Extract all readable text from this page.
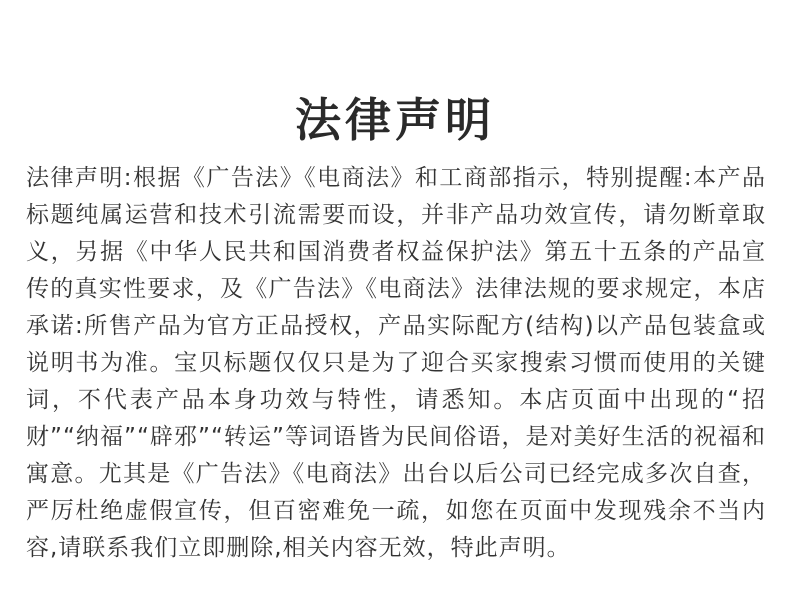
法律声明

法律声明:根据《广告法》《电商法》和工商部指示，特别提醒:本产品标题纯属运营和技术引流需要而设，并非产品功效宣传，请勿断章取义，另据《中华人民共和国消费者权益保护法》第五十五条的产品宣传的真实性要求，及《广告法》《电商法》法律法规的要求规定，本店承诺:所售产品为官方正品授权，产品实际配方(结构)以产品包装盒或说明书为准。宝贝标题仅仅只是为了迎合买家搜索习惯而使用的关键词，不代表产品本身功效与特性，请悉知。本店页面中出现的“招财”“纳福”“辟邪”“转运”等词语皆为民间俗语，是对美好生活的祝福和寓意。尤其是《广告法》《电商法》出台以后公司已经完成多次自查，严厉杜绝虚假宣传，但百密难免一疏，如您在页面中发现残余不当内容,请联系我们立即删除,相关内容无效，特此声明。
